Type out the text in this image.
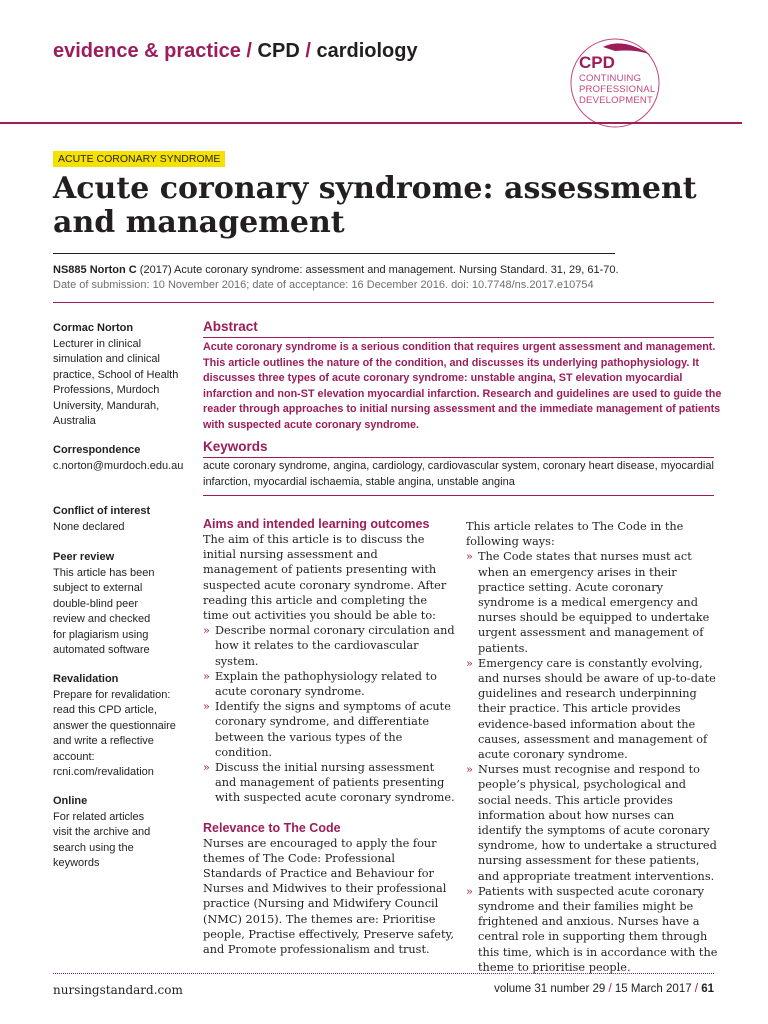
evidence & practice / CPD / cardiology
CPD
CONTINUING
PROFESSIONAL
DEVELOPMENT
ACUTE CORONARY SYNDROME
Acute coronary syndrome: assessment
and management
NS885 Norton C (2017) Acute coronary syndrome: assessment and management. Nursing Standard. 31, 29, 61-70.
Date of submission: 10 November 2016; date of acceptance: 16 December 2016. doi: 10.7748/ns.2017.e10754
Cormac Norton
Lecturer in clinical simulation and clinical practice, School of Health Professions, Murdoch University, Mandurah, Australia
Correspondence
c.norton@murdoch.edu.au
Conflict of interest
None declared
Peer review
This article has been subject to external double-blind peer review and checked for plagiarism using automated software
Revalidation
Prepare for revalidation: read this CPD article, answer the questionnaire and write a reflective account: rcni.com/revalidation
Online
For related articles visit the archive and search using the keywords
Abstract

Acute coronary syndrome is a serious condition that requires urgent assessment and management. This article outlines the nature of the condition, and discusses its underlying pathophysiology. It discusses three types of acute coronary syndrome: unstable angina, ST elevation myocardial infarction and non-ST elevation myocardial infarction. Research and guidelines are used to guide the reader through approaches to initial nursing assessment and the immediate management of patients with suspected acute coronary syndrome.

Keywords

acute coronary syndrome, angina, cardiology, cardiovascular system, coronary heart disease, myocardial infarction, myocardial ischaemia, stable angina, unstable angina

Aims and intended learning outcomes

The aim of this article is to discuss the initial nursing assessment and management of patients presenting with suspected acute coronary syndrome. After reading this article and completing the time out activities you should be able to:

» Describe normal coronary circulation and how it relates to the cardiovascular system.
» Explain the pathophysiology related to acute coronary syndrome.
» Identify the signs and symptoms of acute coronary syndrome, and differentiate between the various types of the condition.
» Discuss the initial nursing assessment and management of patients presenting with suspected acute coronary syndrome.
Relevance to The Code

Nurses are encouraged to apply the four themes of The Code: Professional Standards of Practice and Behaviour for Nurses and Midwives to their professional practice (Nursing and Midwifery Council (NMC) 2015). The themes are: Prioritise people, Practise effectively, Preserve safety, and Promote professionalism and trust.

This article relates to The Code in the following ways:

» The Code states that nurses must act when an emergency arises in their practice setting. Acute coronary syndrome is a medical emergency and nurses should be equipped to undertake urgent assessment and management of patients.
» Emergency care is constantly evolving, and nurses should be aware of up-to-date guidelines and research underpinning their practice. This article provides evidence-based information about the causes, assessment and management of acute coronary syndrome.
» Nurses must recognise and respond to people’s physical, psychological and social needs. This article provides information about how nurses can identify the symptoms of acute coronary syndrome, how to undertake a structured nursing assessment for these patients, and appropriate treatment interventions.
» Patients with suspected acute coronary syndrome and their families might be frightened and anxious. Nurses have a central role in supporting them through this time, which is in accordance with the theme to prioritise people.
nursingstandard.com	volume 31 number 29 / 15 March 2017 / 61
